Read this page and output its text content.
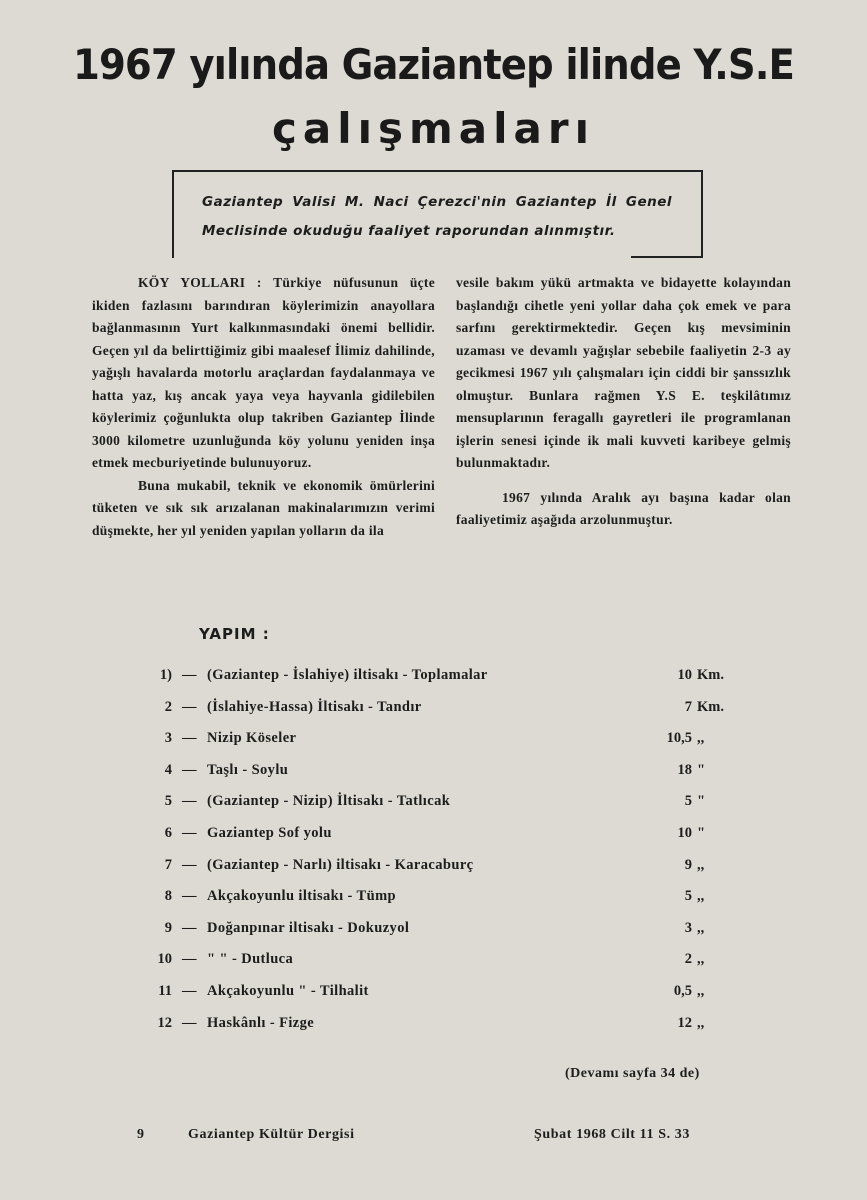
1967 yılında Gaziantep ilinde Y.S.E
çalışmaları
Gaziantep Valisi M. Naci Çerezci'nin Gaziantep İl Genel Meclisinde okuduğu faaliyet raporundan alınmıştır.

KÖY YOLLARI : Türkiye nüfusunun üçte ikiden fazlasını barındıran köylerimizin anayollara bağlanmasının Yurt kalkınmasındaki önemi bellidir. Geçen yıl da belirttiğimiz gibi maalesef İlimiz dahilinde, yağışlı havalarda motorlu araçlardan faydalanmaya ve hatta yaz, kış ancak yaya veya hayvanla gidilebilen köylerimiz çoğunlukta olup takriben Gaziantep İlinde 3000 kilometre uzunluğunda köy yolunu yeniden inşa etmek mecburiyetinde bulunuyoruz.

Buna mukabil, teknik ve ekonomik ömürlerini tüketen ve sık sık arızalanan makinalarımızın verimi düşmekte, her yıl yeniden yapılan yolların da ila

vesile bakım yükü artmakta ve bidayette kolayından başlandığı cihetle yeni yollar daha çok emek ve para sarfını gerektirmektedir. Geçen kış mevsiminin uzaması ve devamlı yağışlar sebebile faaliyetin 2-3 ay gecikmesi 1967 yılı çalışmaları için ciddi bir şanssızlık olmuştur. Bunlara rağmen Y.S E. teşkilâtımız mensuplarının feragallı gayretleri ile programlanan işlerin senesi içinde ik mali kuvveti karibeye gelmiş bulunmaktadır.

1967 yılında Aralık ayı başına kadar olan faaliyetimiz aşağıda arzolunmuştur.

YAPIM :
1) — (Gaziantep - İslahiye) iltisakı - Toplamalar	10 Km.
2 — (İslahiye-Hassa) İltisakı - Tandır	7 Km.
3 — Nizip Köseler	10,5 ,,
4 — Taşlı - Soylu	18 "
5 — (Gaziantep - Nizip) İltisakı - Tatlıcak	5 "
6 — Gaziantep Sof yolu	10 "
7 — (Gaziantep - Narlı) iltisakı - Karacaburç	9 ,,
8 — Akçakoyunlu iltisakı - Tümp	5 ,,
9 — Doğanpınar iltisakı - Dokuzyol	3 ,,
10 — " " - Dutluca	2 ,,
11 — Akçakoyunlu " - Tilhalit	0,5 ,,
12 — Haskânlı - Fizge	12 ,,
(Devamı sayfa 34 de)
9	Gaziantep Kültür Dergisi	Şubat 1968 Cilt 11 S. 33
